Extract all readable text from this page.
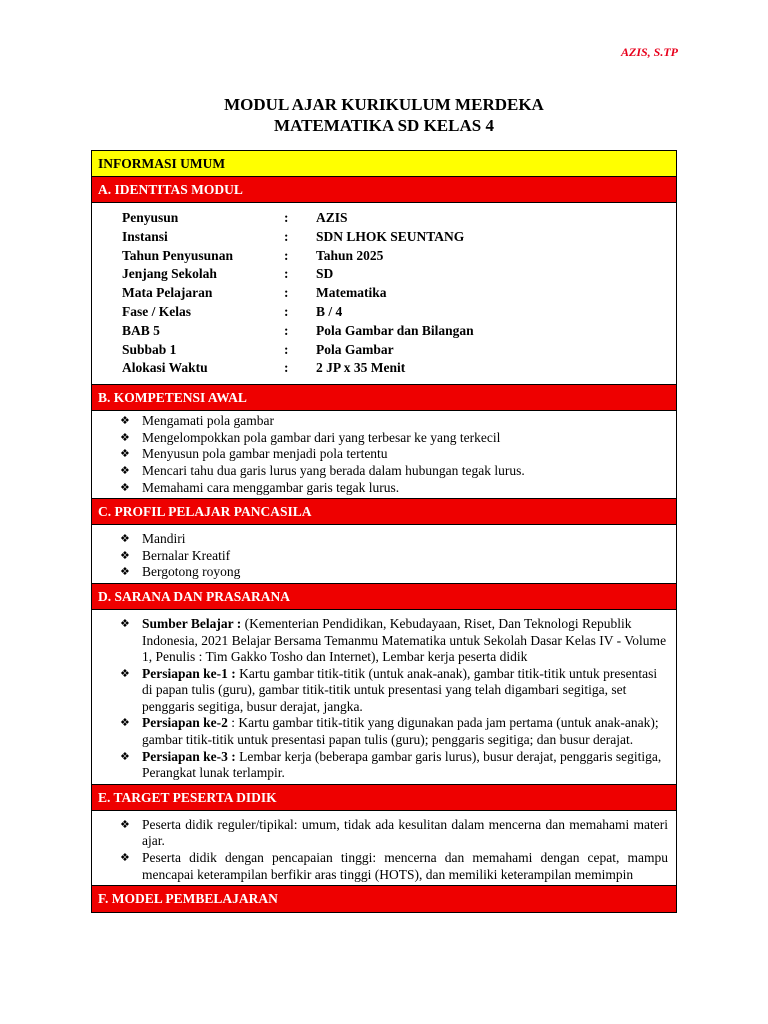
AZIS, S.TP
MODUL AJAR KURIKULUM MERDEKA
MATEMATIKA SD KELAS 4
INFORMASI UMUM
A. IDENTITAS MODUL
Penyusun	:	AZIS
Instansi	:	SDN LHOK SEUNTANG
Tahun Penyusunan	:	Tahun 2025
Jenjang Sekolah	:	SD
Mata Pelajaran	:	Matematika
Fase / Kelas	:	B / 4
BAB 5	:	Pola Gambar dan Bilangan
Subbab 1	:	Pola Gambar
Alokasi Waktu	:	2 JP x 35 Menit
B. KOMPETENSI AWAL
❖ Mengamati pola gambar
❖ Mengelompokkan pola gambar dari yang terbesar ke yang terkecil
❖ Menyusun pola gambar menjadi pola tertentu
❖ Mencari tahu dua garis lurus yang berada dalam hubungan tegak lurus.
❖ Memahami cara menggambar garis tegak lurus.
C. PROFIL PELAJAR PANCASILA
❖ Mandiri
❖ Bernalar Kreatif
❖ Bergotong royong
D. SARANA DAN PRASARANA
❖ Sumber Belajar : (Kementerian Pendidikan, Kebudayaan, Riset, Dan Teknologi Republik Indonesia, 2021 Belajar Bersama Temanmu Matematika untuk Sekolah Dasar Kelas IV - Volume 1, Penulis : Tim Gakko Tosho dan Internet), Lembar kerja peserta didik
❖ Persiapan ke-1 : Kartu gambar titik-titik (untuk anak-anak), gambar titik-titik untuk presentasi di papan tulis (guru), gambar titik-titik untuk presentasi yang telah digambari segitiga, set penggaris segitiga, busur derajat, jangka.
❖ Persiapan ke-2 : Kartu gambar titik-titik yang digunakan pada jam pertama (untuk anak-anak); gambar titik-titik untuk presentasi papan tulis (guru); penggaris segitiga; dan busur derajat.
❖ Persiapan ke-3 : Lembar kerja (beberapa gambar garis lurus), busur derajat, penggaris segitiga, Perangkat lunak terlampir.
E. TARGET PESERTA DIDIK
❖ Peserta didik reguler/tipikal: umum, tidak ada kesulitan dalam mencerna dan memahami materi ajar.
❖ Peserta didik dengan pencapaian tinggi: mencerna dan memahami dengan cepat, mampu mencapai keterampilan berfikir aras tinggi (HOTS), dan memiliki keterampilan memimpin
F. MODEL PEMBELAJARAN
